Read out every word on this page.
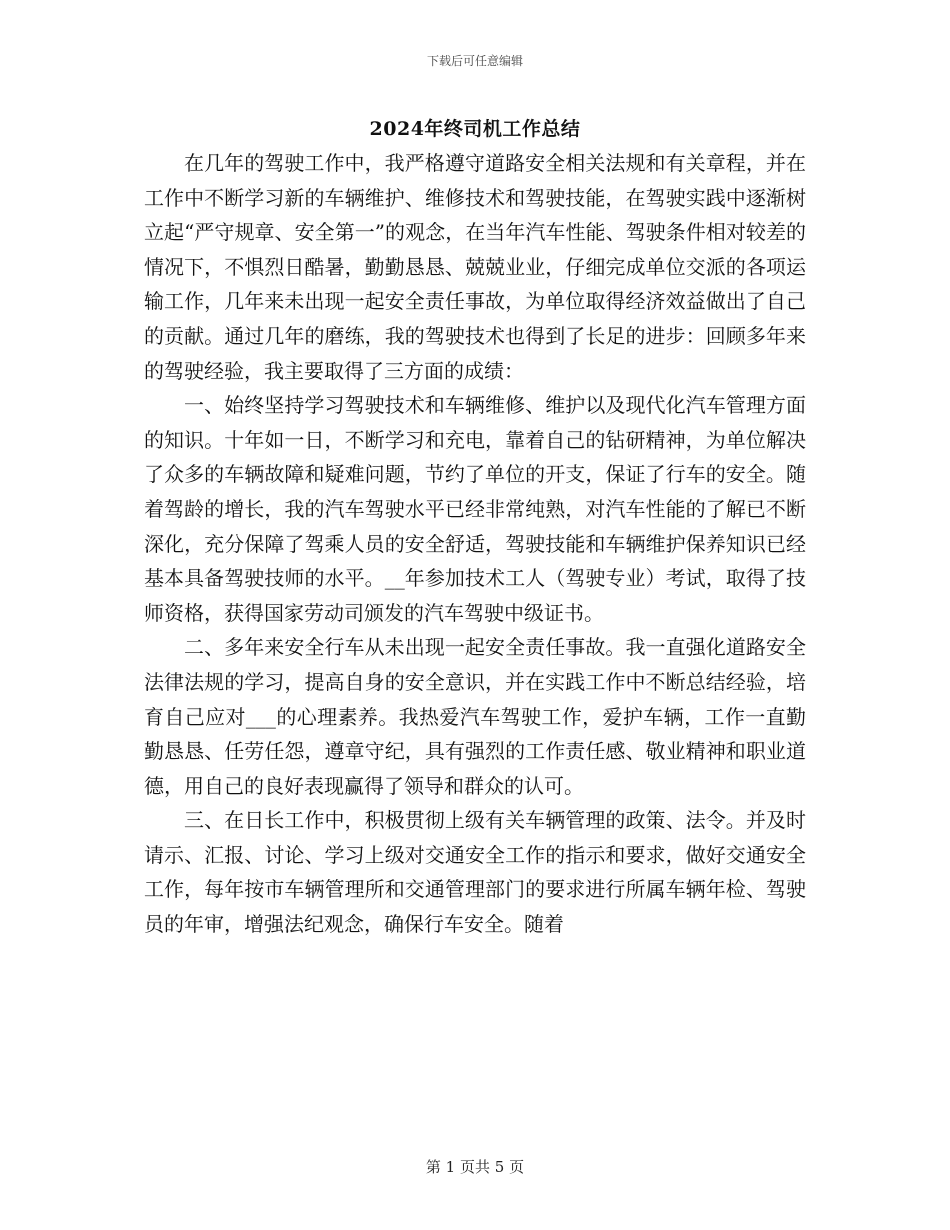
下载后可任意编辑
2024年终司机工作总结

在几年的驾驶工作中，我严格遵守道路安全相关法规和有关章程，并在工作中不断学习新的车辆维护、维修技术和驾驶技能，在驾驶实践中逐渐树立起“严守规章、安全第一”的观念，在当年汽车性能、驾驶条件相对较差的情况下，不惧烈日酷暑，勤勤恳恳、兢兢业业，仔细完成单位交派的各项运输工作，几年来未出现一起安全责任事故，为单位取得经济效益做出了自己的贡献。通过几年的磨练，我的驾驶技术也得到了长足的进步：回顾多年来的驾驶经验，我主要取得了三方面的成绩：

一、始终坚持学习驾驶技术和车辆维修、维护以及现代化汽车管理方面的知识。十年如一日，不断学习和充电，靠着自己的钻研精神，为单位解决了众多的车辆故障和疑难问题，节约了单位的开支，保证了行车的安全。随着驾龄的增长，我的汽车驾驶水平已经非常纯熟，对汽车性能的了解已不断深化，充分保障了驾乘人员的安全舒适，驾驶技能和车辆维护保养知识已经基本具备驾驶技师的水平。__年参加技术工人（驾驶专业）考试，取得了技师资格，获得国家劳动司颁发的汽车驾驶中级证书。

二、多年来安全行车从未出现一起安全责任事故。我一直强化道路安全法律法规的学习，提高自身的安全意识，并在实践工作中不断总结经验，培育自己应对___的心理素养。我热爱汽车驾驶工作，爱护车辆，工作一直勤勤恳恳、任劳任怨，遵章守纪，具有强烈的工作责任感、敬业精神和职业道德，用自己的良好表现赢得了领导和群众的认可。

三、在日长工作中，积极贯彻上级有关车辆管理的政策、法令。并及时请示、汇报、讨论、学习上级对交通安全工作的指示和要求，做好交通安全工作，每年按市车辆管理所和交通管理部门的要求进行所属车辆年检、驾驶员的年审，增强法纪观念，确保行车安全。随着

第 1 页共 5 页
